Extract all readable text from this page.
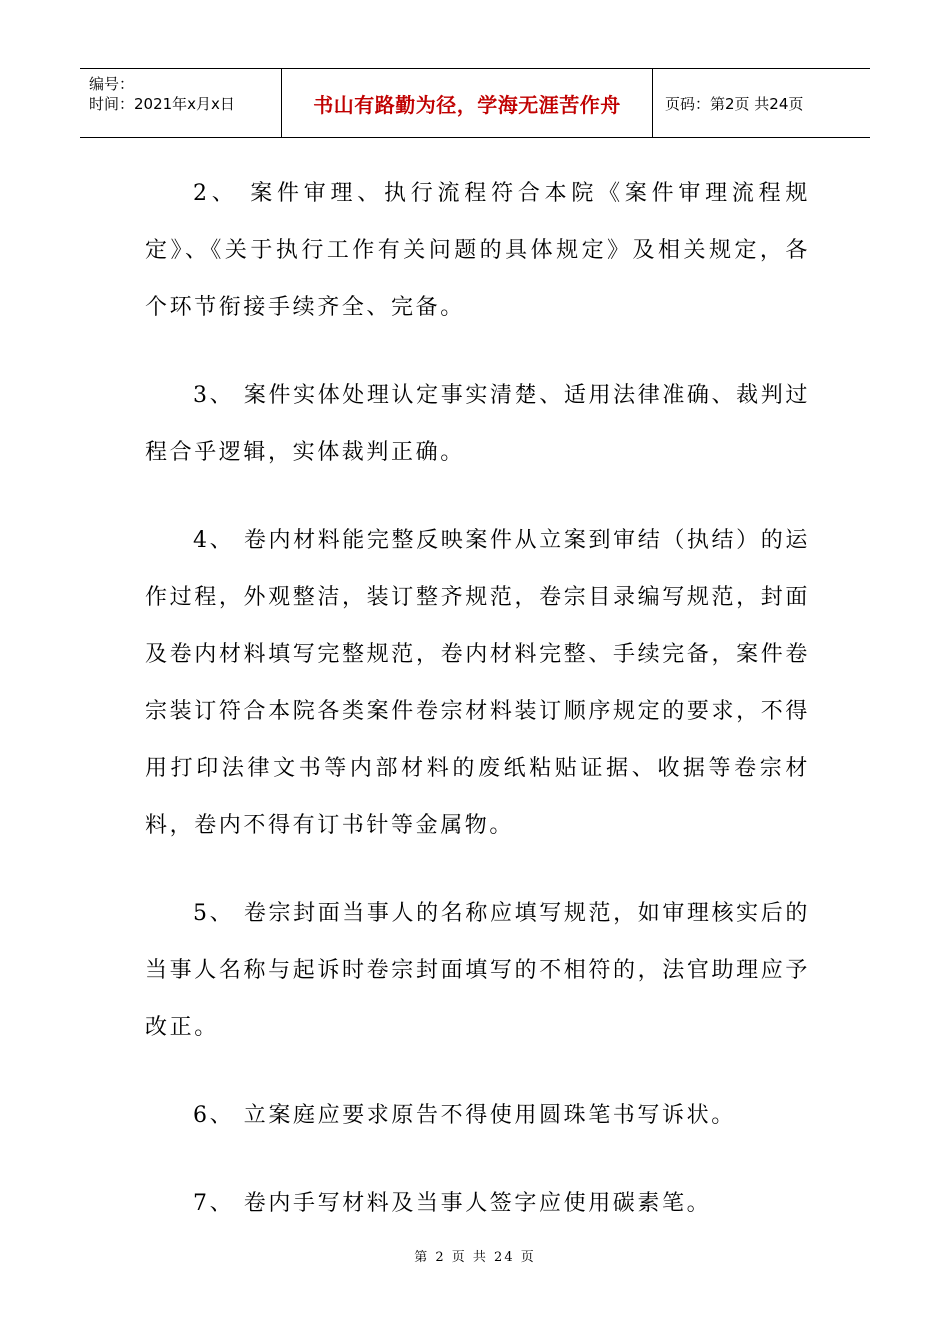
编号：
时间：2021年x月x日	书山有路勤为径，学海无涯苦作舟	页码：第2页 共24页

2、 案件审理、执行流程符合本院《案件审理流程规定》、《关于执行工作有关问题的具体规定》及相关规定，各个环节衔接手续齐全、完备。

3、 案件实体处理认定事实清楚、适用法律准确、裁判过程合乎逻辑，实体裁判正确。

4、 卷内材料能完整反映案件从立案到审结（执结）的运作过程，外观整洁，装订整齐规范，卷宗目录编写规范，封面及卷内材料填写完整规范，卷内材料完整、手续完备，案件卷宗装订符合本院各类案件卷宗材料装订顺序规定的要求，不得用打印法律文书等内部材料的废纸粘贴证据、收据等卷宗材料，卷内不得有订书针等金属物。

5、 卷宗封面当事人的名称应填写规范，如审理核实后的当事人名称与起诉时卷宗封面填写的不相符的，法官助理应予改正。

6、 立案庭应要求原告不得使用圆珠笔书写诉状。

7、 卷内手写材料及当事人签字应使用碳素笔。

第 2 页 共 24 页
